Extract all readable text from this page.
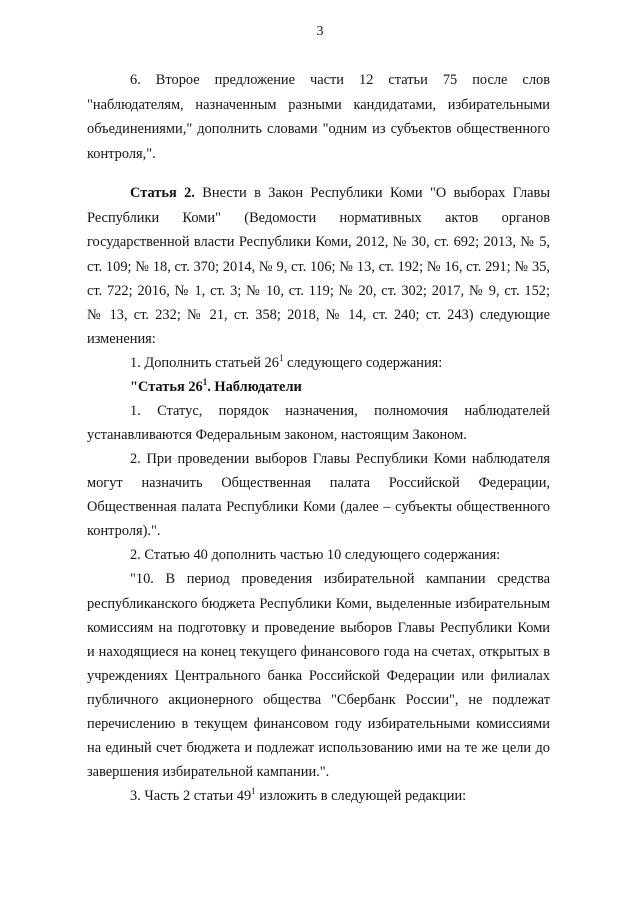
3
6. Второе предложение части 12 статьи 75 после слов
"наблюдателям, назначенным разными кандидатами, избирательными
объединениями," дополнить словами "одним из субъектов общественного
контроля,".
Статья 2. Внести в Закон Республики Коми "О выборах Главы
Республики Коми" (Ведомости нормативных актов органов
государственной власти Республики Коми, 2012, № 30, ст. 692; 2013, № 5,
ст. 109; № 18, ст. 370; 2014, № 9, ст. 106; № 13, ст. 192; № 16, ст. 291; № 35,
ст. 722; 2016, № 1, ст. 3; № 10, ст. 119; № 20, ст. 302; 2017, № 9, ст. 152;
№ 13, ст. 232; № 21, ст. 358; 2018, № 14, ст. 240; ст. 243) следующие
изменения:
1. Дополнить статьей $26^1$ следующего содержания:
"Статья $26^1$. Наблюдатели
1. Статус, порядок назначения, полномочия наблюдателей
устанавливаются Федеральным законом, настоящим Законом.
2. При проведении выборов Главы Республики Коми наблюдателя
могут назначить Общественная палата Российской Федерации,
Общественная палата Республики Коми (далее – субъекты общественного
контроля).".
2. Статью 40 дополнить частью 10 следующего содержания:
"10. В период проведения избирательной кампании средства
республиканского бюджета Республики Коми, выделенные избирательным
комиссиям на подготовку и проведение выборов Главы Республики Коми
и находящиеся на конец текущего финансового года на счетах, открытых в
учреждениях Центрального банка Российской Федерации или филиалах
публичного акционерного общества "Сбербанк России", не подлежат
перечислению в текущем финансовом году избирательными комиссиями
на единый счет бюджета и подлежат использованию ими на те же цели до
завершения избирательной кампании.".
3. Часть 2 статьи $49^1$ изложить в следующей редакции:
